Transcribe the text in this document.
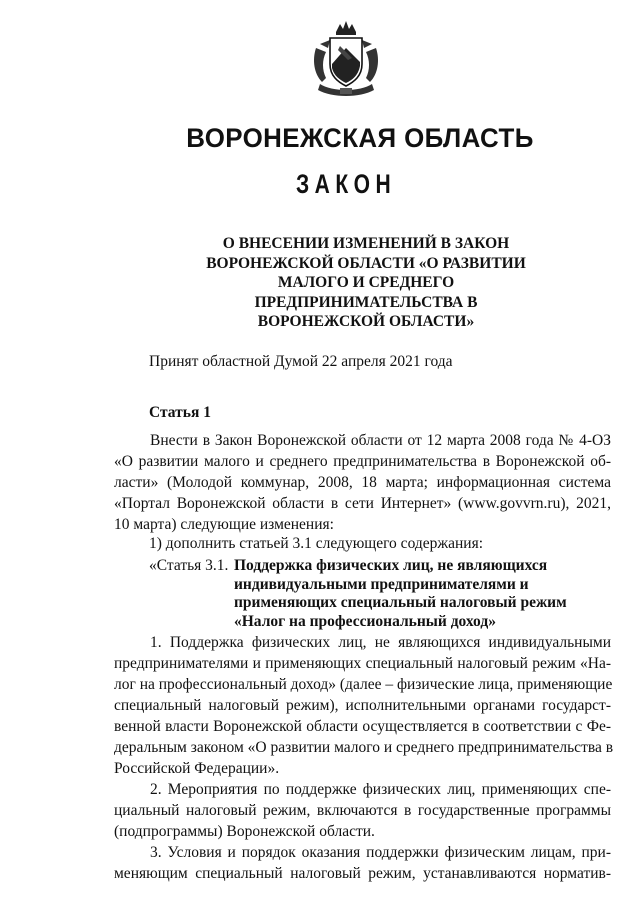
ВОРОНЕЖСКАЯ ОБЛАСТЬ
ЗАКОН
О ВНЕСЕНИИ ИЗМЕНЕНИЙ В ЗАКОН
ВОРОНЕЖСКОЙ ОБЛАСТИ «О РАЗВИТИИ
МАЛОГО И СРЕДНЕГО
ПРЕДПРИНИМАТЕЛЬСТВА В
ВОРОНЕЖСКОЙ ОБЛАСТИ»
Принят областной Думой 22 апреля 2021 года
Статья 1
Внести в Закон Воронежской области от 12 марта 2008 года № 4-ОЗ
«О развитии малого и среднего предпринимательства в Воронежской об-
ласти» (Молодой коммунар, 2008, 18 марта; информационная система
«Портал Воронежской области в сети Интернет» (www.govvrn.ru), 2021,
10 марта) следующие изменения:
1) дополнить статьей 3.1 следующего содержания:
«Статья 3.1. Поддержка физических лиц, не являющихся
индивидуальными предпринимателями и
применяющих специальный налоговый режим
«Налог на профессиональный доход»
1. Поддержка физических лиц, не являющихся индивидуальными
предпринимателями и применяющих специальный налоговый режим «На-
лог на профессиональный доход» (далее – физические лица, применяющие
специальный налоговый режим), исполнительными органами государст-
венной власти Воронежской области осуществляется в соответствии с Фе-
деральным законом «О развитии малого и среднего предпринимательства в
Российской Федерации».
2. Мероприятия по поддержке физических лиц, применяющих спе-
циальный налоговый режим, включаются в государственные программы
(подпрограммы) Воронежской области.
3. Условия и порядок оказания поддержки физическим лицам, при-
меняющим специальный налоговый режим, устанавливаются норматив-
